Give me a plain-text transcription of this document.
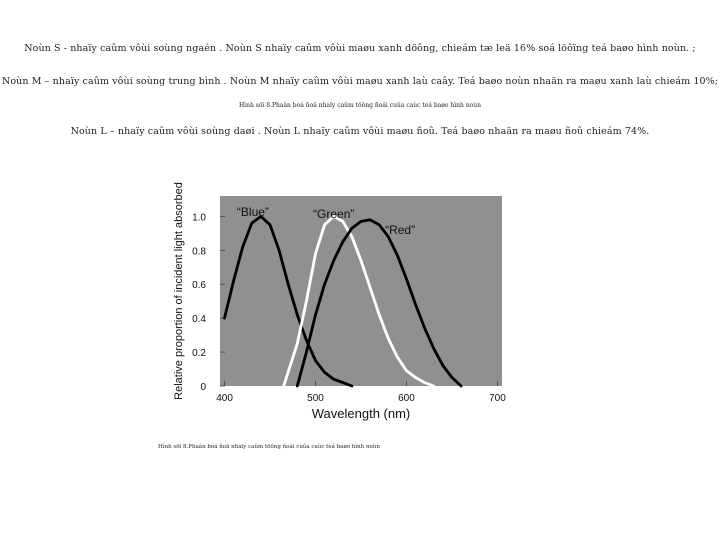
Noùn S - nhaïy caûm vôùi soùng ngaén . Noùn S nhaïy caûm vôùi maøu xanh döông, chieám tæ leä 16% soá löôïng teá baøo hình noùn. ;
Noùn M – nhaïy caûm vôùi soùng trung bình . Noùn M nhaïy caûm vôùi maøu xanh laù caây. Teá baøo noùn nhaän ra maøu xanh laù chieám 10%;
Hình söï 8.Phaân boá ñoä nhaïy caûm töông ñoái cuûa caùc teá baøo hình noùn
Noùn L – nhaïy caûm vôùi soùng daøi . Noùn L nhaïy caûm vôùi maøu ñoû. Teá baøo nhaän ra maøu ñoû chieám 74%.
0
0.2
0.4
0.6
0.8
1.0
400	500	600	700
“Blue”	“Green”
“Red”
Relative proportion of incident light absorbed
Wavelength (nm)
Hình söï 8.Phaân boá ñoä nhaïy caûm töông ñoái cuûa caùc teá baøo hình noùn
